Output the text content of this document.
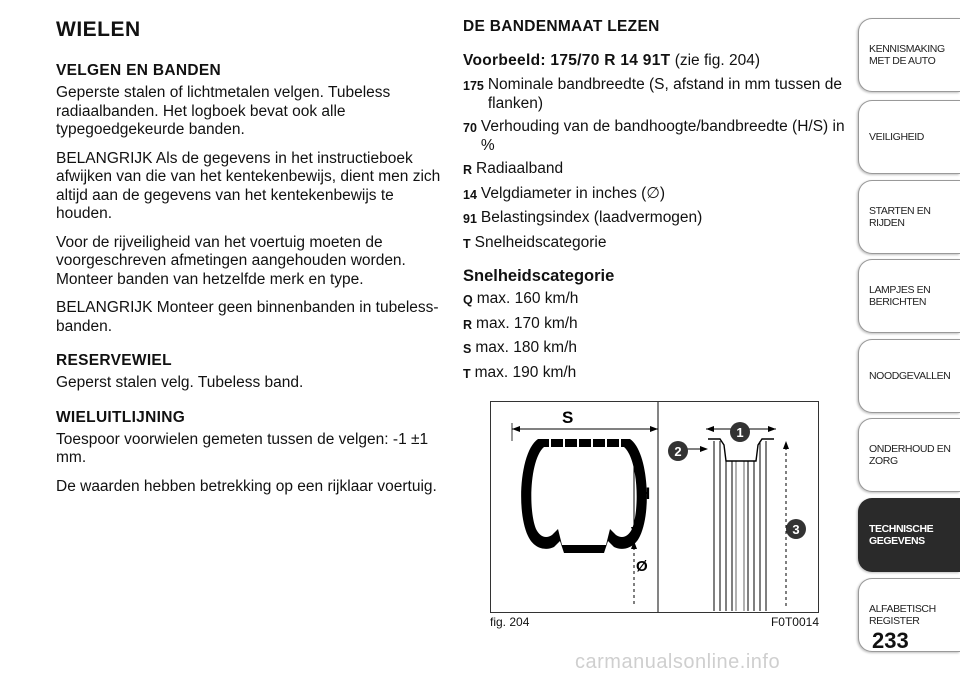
WIELEN
VELGEN EN BANDEN

Geperste stalen of lichtmetalen velgen. Tubeless radiaalbanden. Het logboek bevat ook alle typegoedgekeurde banden.

BELANGRIJK Als de gegevens in het instructieboek afwijken van die van het kentekenbewijs, dient men zich altijd aan de gegevens van het kentekenbewijs te houden.

Voor de rijveiligheid van het voertuig moeten de voorgeschreven afmetingen aangehouden worden. Monteer banden van hetzelfde merk en type.

BELANGRIJK Monteer geen binnenbanden in tubeless-banden.

RESERVEWIEL

Geperst stalen velg. Tubeless band.

WIELUITLIJNING

Toespoor voorwielen gemeten tussen de velgen: -1 ±1 mm.

De waarden hebben betrekking op een rijklaar voertuig.

DE BANDENMAAT LEZEN
Voorbeeld: 175/70 R 14 91T (zie fig. 204)
175 Nominale bandbreedte (S, afstand in mm tussen de flanken)
70 Verhouding van de bandhoogte/bandbreedte (H/S) in %
R Radiaalband
14 Velgdiameter in inches (∅)
91 Belastingsindex (laadvermogen)
T Snelheidscategorie
Snelheidscategorie
Q max. 160 km/h
R max. 170 km/h
S max. 180 km/h
T max. 190 km/h
S
H
Ø
1
2
3
fig. 204	F0T0014
KENNISMAKING MET DE AUTO
VEILIGHEID
STARTEN EN RIJDEN
LAMPJES EN BERICHTEN
NOODGEVALLEN
ONDERHOUD EN ZORG
TECHNISCHE GEGEVENS
ALFABETISCH REGISTER
233
carmanualsonline.info
